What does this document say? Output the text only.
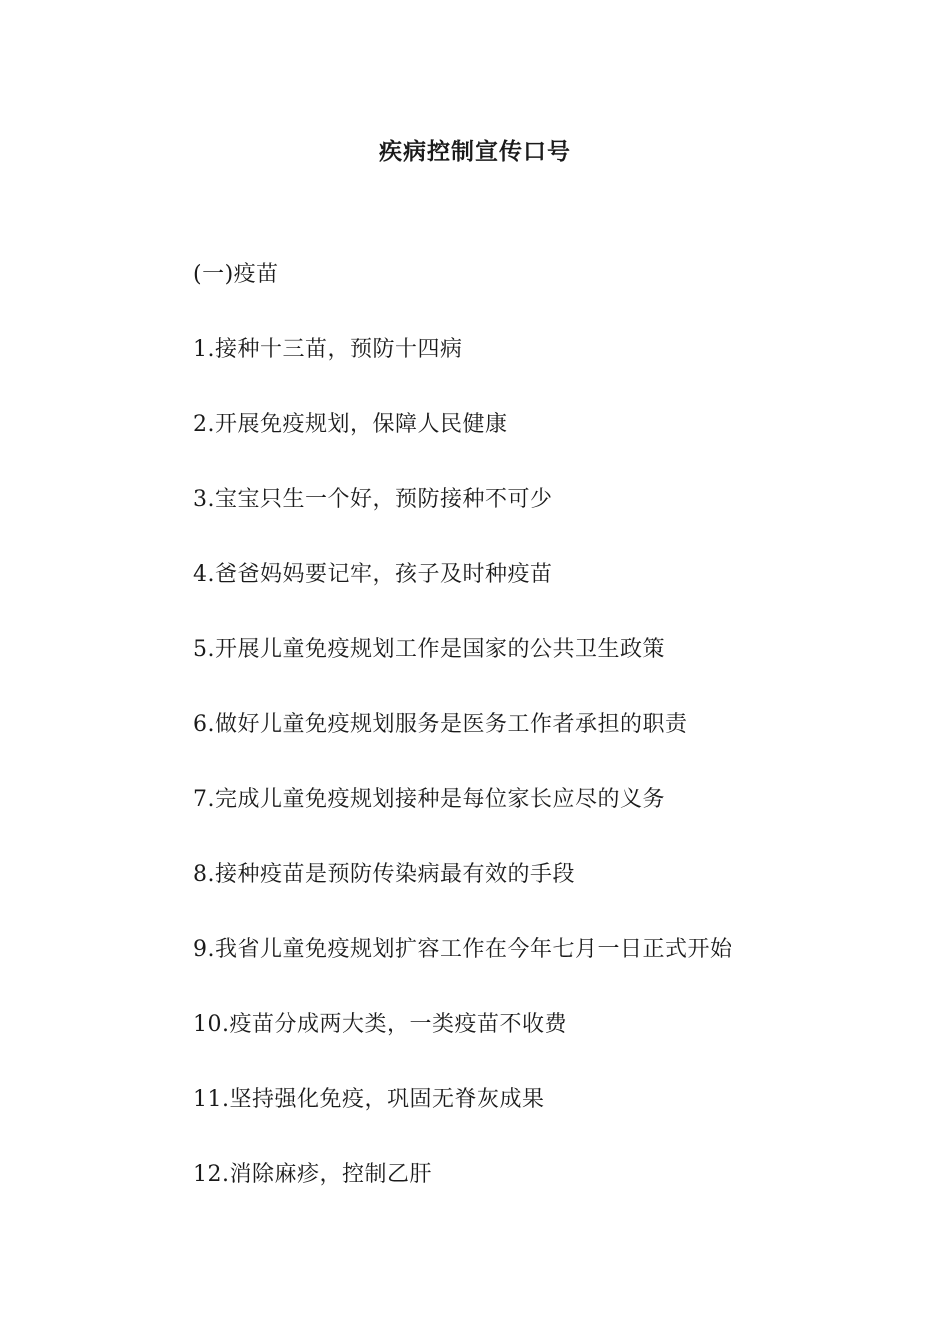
疾病控制宣传口号
(一)疫苗
1.接种十三苗，预防十四病
2.开展免疫规划，保障人民健康
3.宝宝只生一个好，预防接种不可少
4.爸爸妈妈要记牢，孩子及时种疫苗
5.开展儿童免疫规划工作是国家的公共卫生政策
6.做好儿童免疫规划服务是医务工作者承担的职责
7.完成儿童免疫规划接种是每位家长应尽的义务
8.接种疫苗是预防传染病最有效的手段
9.我省儿童免疫规划扩容工作在今年七月一日正式开始
10.疫苗分成两大类，一类疫苗不收费
11.坚持强化免疫，巩固无脊灰成果
12.消除麻疹，控制乙肝
